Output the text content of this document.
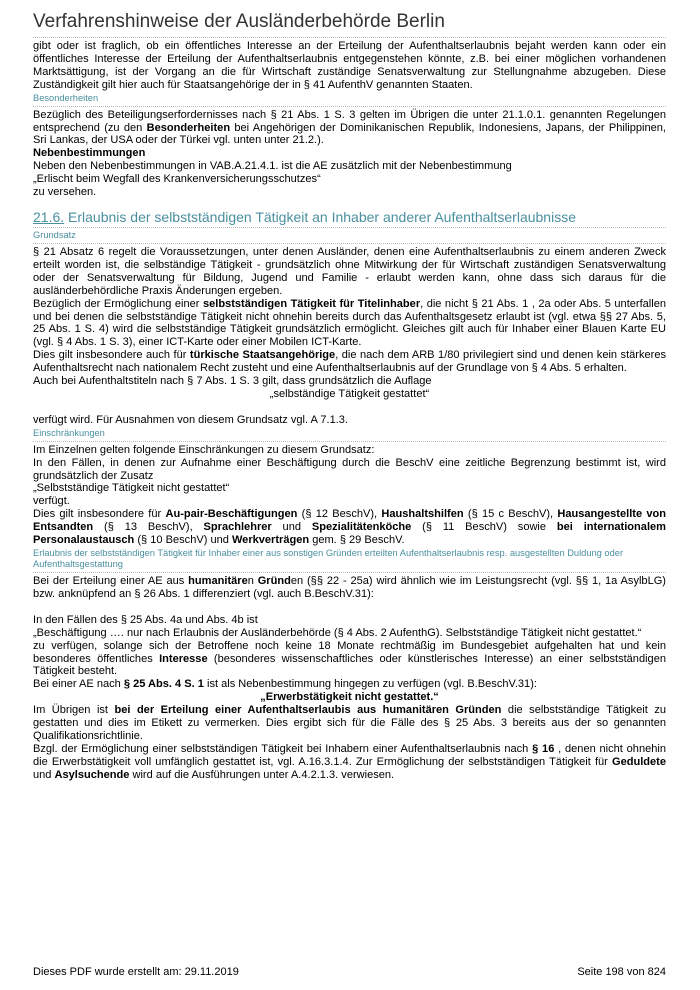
Verfahrenshinweise der Ausländerbehörde Berlin

gibt oder ist fraglich, ob ein öffentliches Interesse an der Erteilung der Aufenthaltserlaubnis bejaht werden kann oder ein öffentliches Interesse der Erteilung der Aufenthaltserlaubnis entgegenstehen könnte, z.B. bei einer möglichen vorhandenen Marktsättigung, ist der Vorgang an die für Wirtschaft zuständige Senatsverwaltung zur Stellungnahme abzugeben. Diese Zuständigkeit gilt hier auch für Staatsangehörige der in § 41 AufenthV genannten Staaten.

Besonderheiten

Bezüglich des Beteiligungserfordernisses nach § 21 Abs. 1 S. 3 gelten im Übrigen die unter 21.1.0.1. genannten Regelungen entsprechend (zu den Besonderheiten bei Angehörigen der Dominikanischen Republik, Indonesiens, Japans, der Philippinen, Sri Lankas, der USA oder der Türkei vgl. unten unter 21.2.).

Nebenbestimmungen

Neben den Nebenbestimmungen in VAB.A.21.4.1. ist die AE zusätzlich mit der Nebenbestimmung

„Erlischt beim Wegfall des Krankenversicherungsschutzes“

zu versehen.

21.6. Erlaubnis der selbstständigen Tätigkeit an Inhaber anderer Aufenthaltserlaubnisse
Grundsatz

§ 21 Absatz 6 regelt die Voraussetzungen, unter denen Ausländer, denen eine Aufenthaltserlaubnis zu einem anderen Zweck erteilt worden ist, die selbständige Tätigkeit - grundsätzlich ohne Mitwirkung der für Wirtschaft zuständigen Senatsverwaltung oder der Senatsverwaltung für Bildung, Jugend und Familie - erlaubt werden kann, ohne dass sich daraus für die ausländerbehördliche Praxis Änderungen ergeben.

Bezüglich der Ermöglichung einer selbstständigen Tätigkeit für Titelinhaber, die nicht § 21 Abs. 1 , 2a oder Abs. 5 unterfallen und bei denen die selbstständige Tätigkeit nicht ohnehin bereits durch das Aufenthaltsgesetz erlaubt ist (vgl. etwa §§ 27 Abs. 5, 25 Abs. 1 S. 4) wird die selbstständige Tätigkeit grundsätzlich ermöglicht. Gleiches gilt auch für Inhaber einer Blauen Karte EU (vgl. § 4 Abs. 1 S. 3), einer ICT-Karte oder einer Mobilen ICT-Karte.

Dies gilt insbesondere auch für türkische Staatsangehörige, die nach dem ARB 1/80 privilegiert sind und denen kein stärkeres Aufenthaltsrecht nach nationalem Recht zusteht und eine Aufenthaltserlaubnis auf der Grundlage von § 4 Abs. 5 erhalten.

Auch bei Aufenthaltstiteln nach § 7 Abs. 1 S. 3 gilt, dass grundsätzlich die Auflage

„selbständige Tätigkeit gestattet“

verfügt wird. Für Ausnahmen von diesem Grundsatz vgl. A 7.1.3.

Einschränkungen

Im Einzelnen gelten folgende Einschränkungen zu diesem Grundsatz:

In den Fällen, in denen zur Aufnahme einer Beschäftigung durch die BeschV eine zeitliche Begrenzung bestimmt ist, wird grundsätzlich der Zusatz

„Selbstständige Tätigkeit nicht gestattet“

verfügt.

Dies gilt insbesondere für Au-pair-Beschäftigungen (§ 12 BeschV), Haushaltshilfen (§ 15 c BeschV), Hausangestellte von Entsandten (§ 13 BeschV), Sprachlehrer und Spezialitätenköche (§ 11 BeschV) sowie bei internationalem Personalaustausch (§ 10 BeschV) und Werkverträgen gem. § 29 BeschV.

Erlaubnis der selbstständigen Tätigkeit für Inhaber einer aus sonstigen Gründen erteilten Aufenthaltserlaubnis resp. ausgestellten Duldung oder Aufenthaltsgestattung

Bei der Erteilung einer AE aus humanitären Gründen (§§ 22 - 25a) wird ähnlich wie im Leistungsrecht (vgl. §§ 1, 1a AsylbLG) bzw. anknüpfend an § 26 Abs. 1 differenziert (vgl. auch B.BeschV.31):

In den Fällen des § 25 Abs. 4a und Abs. 4b ist

„Beschäftigung …. nur nach Erlaubnis der Ausländerbehörde (§ 4 Abs. 2 AufenthG). Selbstständige Tätigkeit nicht gestattet.“

zu verfügen, solange sich der Betroffene noch keine 18 Monate rechtmäßig im Bundesgebiet aufgehalten hat und kein besonderes öffentliches Interesse (besonderes wissenschaftliches oder künstlerisches Interesse) an einer selbstständigen Tätigkeit besteht.

Bei einer AE nach § 25 Abs. 4 S. 1 ist als Nebenbestimmung hingegen zu verfügen (vgl. B.BeschV.31):

„Erwerbstätigkeit nicht gestattet.“

Im Übrigen ist bei der Erteilung einer Aufenthaltserlaubis aus humanitären Gründen die selbstständige Tätigkeit zu gestatten und dies im Etikett zu vermerken. Dies ergibt sich für die Fälle des § 25 Abs. 3 bereits aus der so genannten Qualifikationsrichtlinie.

Bzgl. der Ermöglichung einer selbstständigen Tätigkeit bei Inhabern einer Aufenthaltserlaubnis nach § 16 , denen nicht ohnehin die Erwerbstätigkeit voll umfänglich gestattet ist, vgl. A.16.3.1.4. Zur Ermöglichung der selbstständigen Tätigkeit für Geduldete und Asylsuchende wird auf die Ausführungen unter A.4.2.1.3. verwiesen.

Dieses PDF wurde erstellt am: 29.11.2019	Seite 198 von 824
